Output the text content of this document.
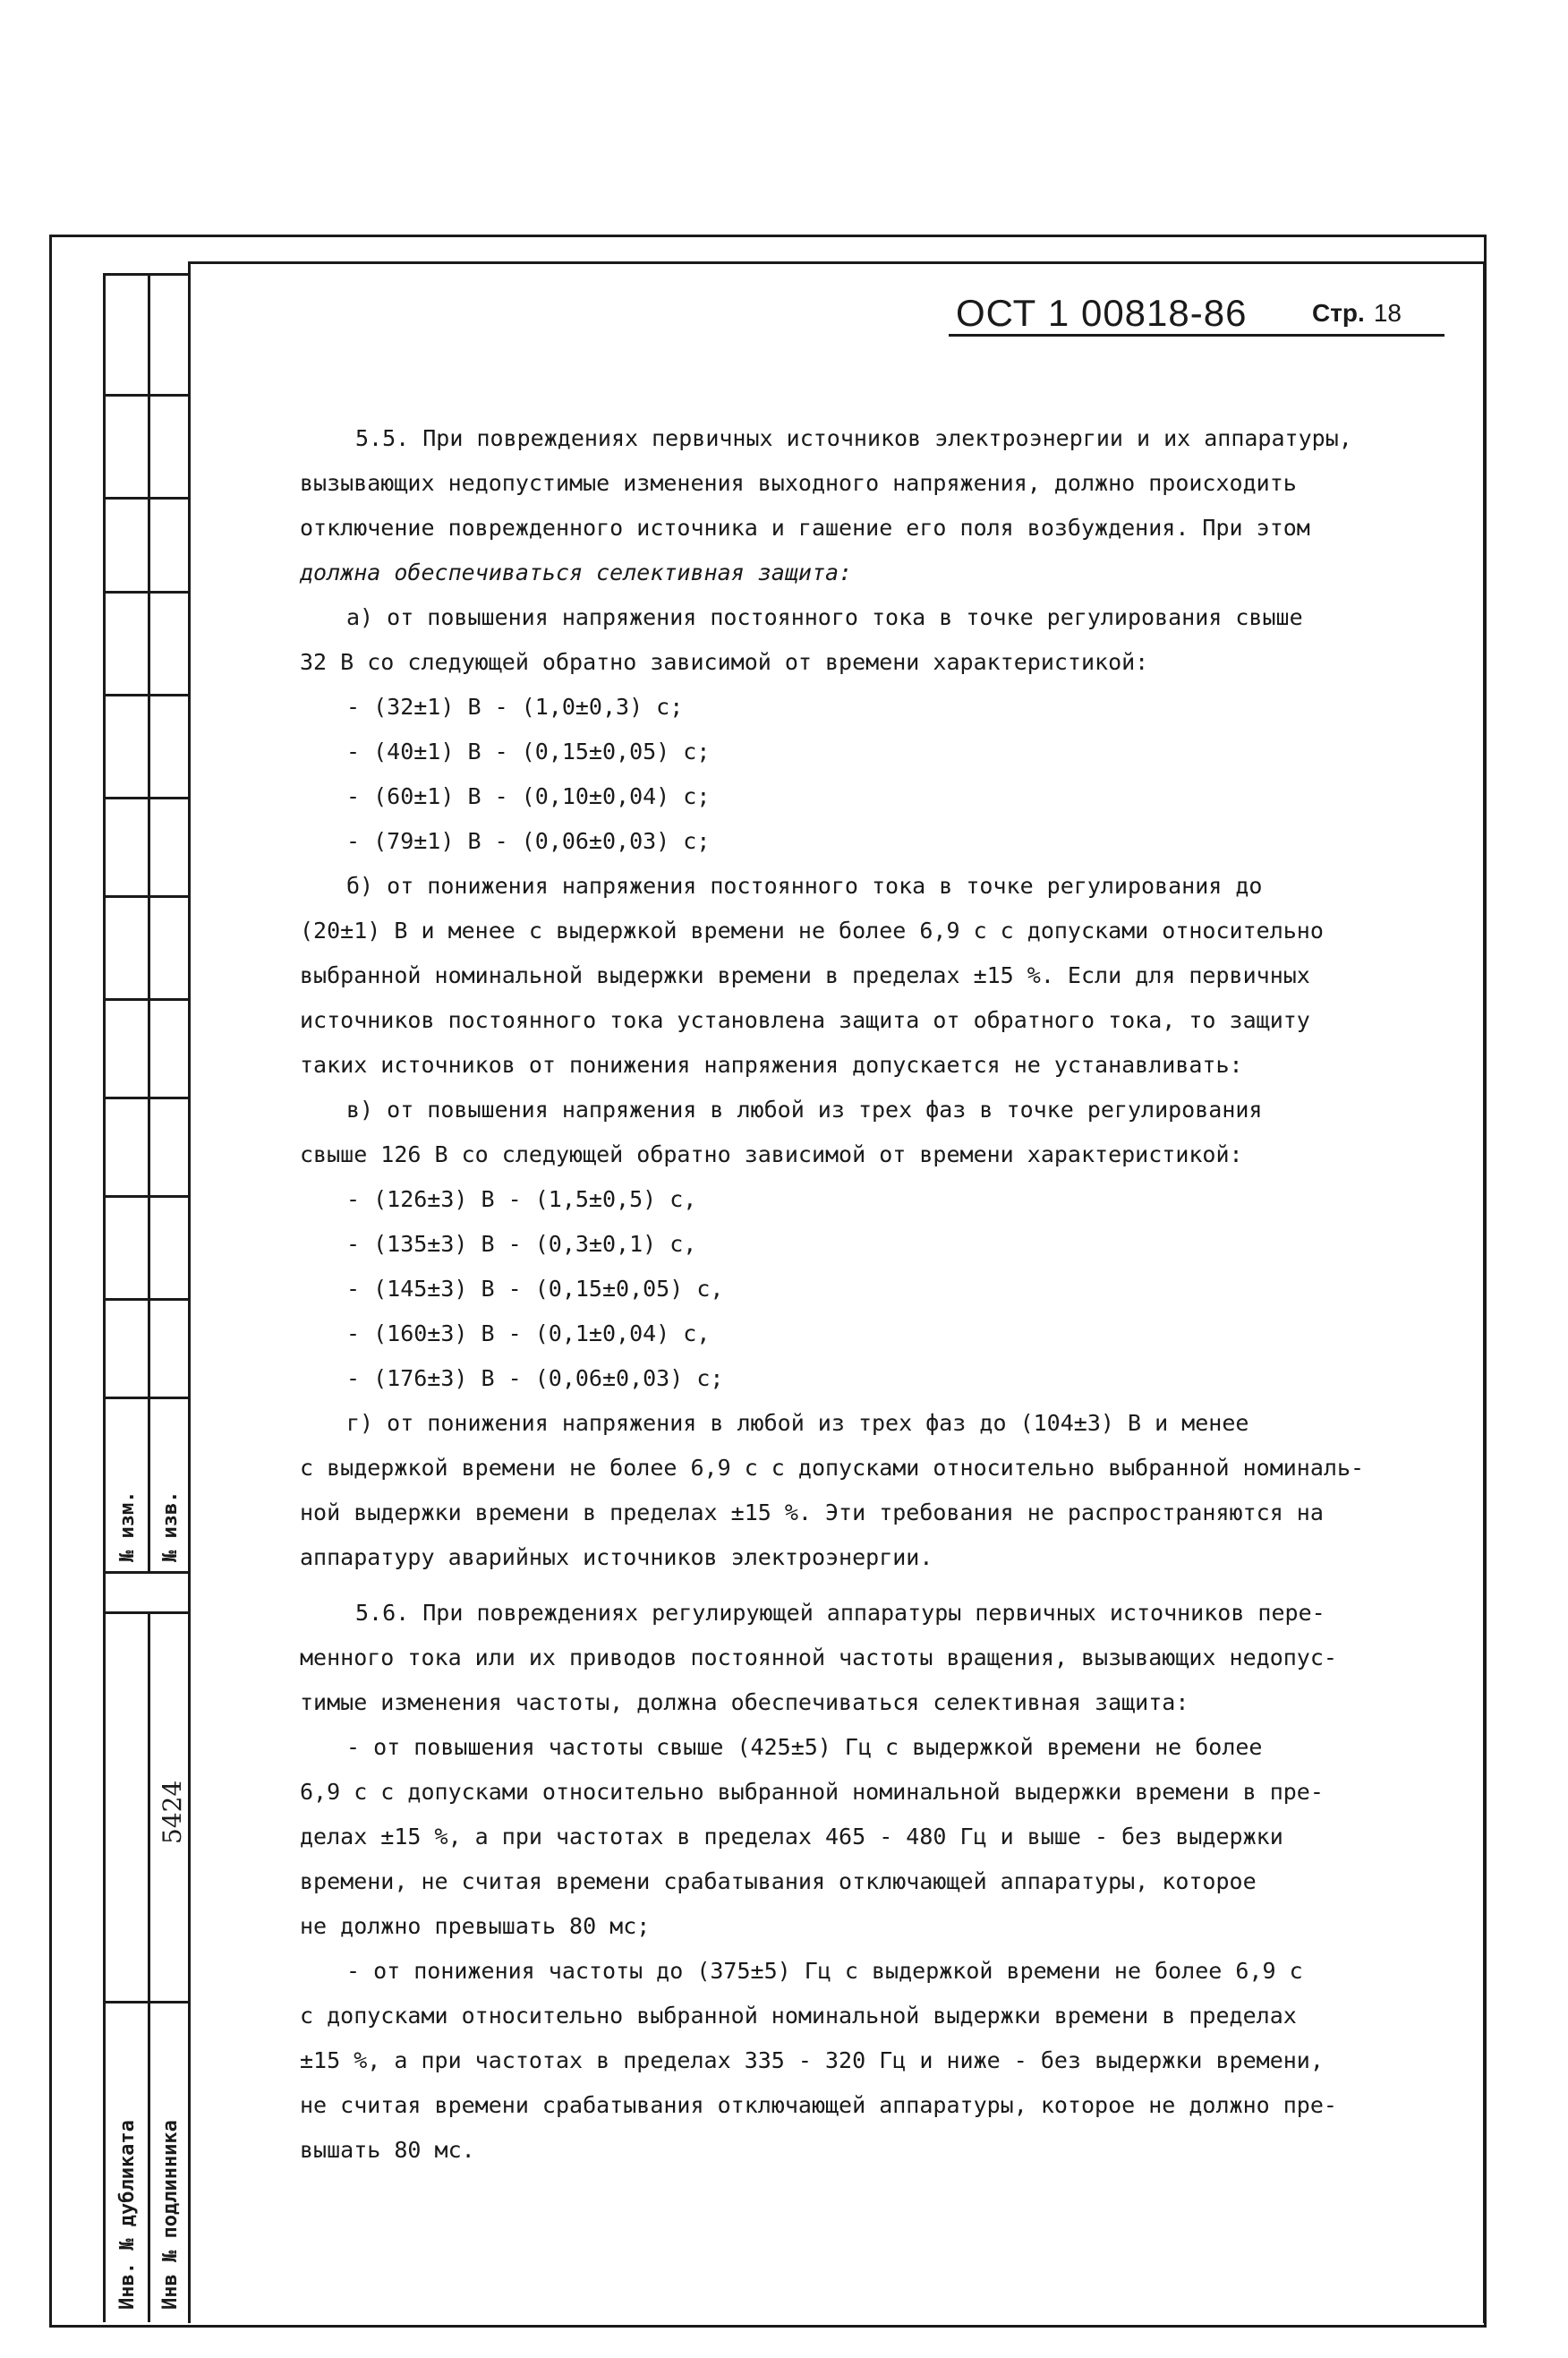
№ изм. № изв.
5424
Инв. № дубликата Инв № подлинника
ОСТ 1 00818-86	Стр. 18
5.5. При повреждениях первичных источников электроэнергии и их аппаратуры,
вызывающих недопустимые изменения выходного напряжения, должно происходить
отключение поврежденного источника и гашение его поля возбуждения. При этом
должна обеспечиваться селективная защита:
а) от повышения напряжения постоянного тока в точке регулирования свыше
32 В со следующей обратно зависимой от времени характеристикой:
- (32±1) В - (1,0±0,3) с;
- (40±1) В - (0,15±0,05) с;
- (60±1) В - (0,10±0,04) с;
- (79±1) В - (0,06±0,03) с;
б) от понижения напряжения постоянного тока в точке регулирования до
(20±1) В и менее с выдержкой времени не более 6,9 с с допусками относительно
выбранной номинальной выдержки времени в пределах ±15 %. Если для первичных
источников постоянного тока установлена защита от обратного тока, то защиту
таких источников от понижения напряжения допускается не устанавливать:
в) от повышения напряжения в любой из трех фаз в точке регулирования
свыше 126 В со следующей обратно зависимой от времени характеристикой:
- (126±3) В - (1,5±0,5) с,
- (135±3) В - (0,3±0,1) с,
- (145±3) В - (0,15±0,05) с,
- (160±3) В - (0,1±0,04) с,
- (176±3) В - (0,06±0,03) с;
г) от понижения напряжения в любой из трех фаз до (104±3) В и менее
с выдержкой времени не более 6,9 с с допусками относительно выбранной номиналь-
ной выдержки времени в пределах ±15 %. Эти требования не распространяются на
аппаратуру аварийных источников электроэнергии.
5.6. При повреждениях регулирующей аппаратуры первичных источников пере-
менного тока или их приводов постоянной частоты вращения, вызывающих недопус-
тимые изменения частоты, должна обеспечиваться селективная защита:
- от повышения частоты свыше (425±5) Гц с выдержкой времени не более
6,9 с с допусками относительно выбранной номинальной выдержки времени в пре-
делах ±15 %, а при частотах в пределах 465 - 480 Гц и выше - без выдержки
времени, не считая времени срабатывания отключающей аппаратуры, которое
не должно превышать 80 мс;
- от понижения частоты до (375±5) Гц с выдержкой времени не более 6,9 с
с допусками относительно выбранной номинальной выдержки времени в пределах
±15 %, а при частотах в пределах 335 - 320 Гц и ниже - без выдержки времени,
не считая времени срабатывания отключающей аппаратуры, которое не должно пре-
вышать 80 мс.
